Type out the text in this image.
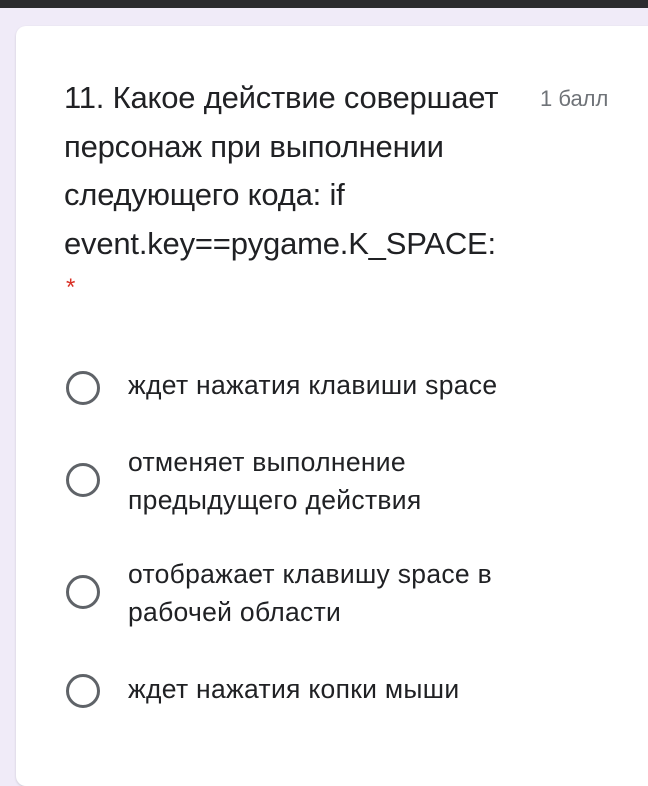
11. Какое действие совершает персонаж при выполнении следующего кода: if event.key==pygame.K_SPACE:
1 балл
*
ждет нажатия клавиши space
отменяет выполнение предыдущего действия
отображает клавишу space в рабочей области
ждет нажатия копки мыши
